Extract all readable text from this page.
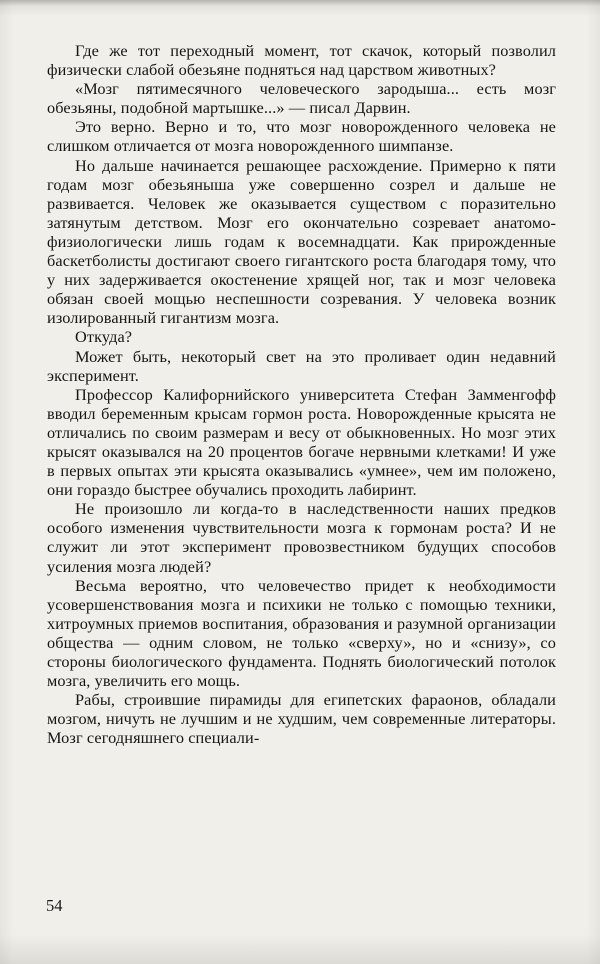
Где же тот переходный момент, тот скачок, который позволил физически слабой обезьяне подняться над царством животных?

«Мозг пятимесячного человеческого зародыша... есть мозг обезьяны, подобной мартышке...» — писал Дарвин.

Это верно. Верно и то, что мозг новорожденного человека не слишком отличается от мозга новорожденного шимпанзе.

Но дальше начинается решающее расхождение. Примерно к пяти годам мозг обезьяныша уже совершенно созрел и дальше не развивается. Человек же оказывается существом с поразительно затянутым детством. Мозг его окончательно созревает анатомо-физиологически лишь годам к восемнадцати. Как прирожденные баскетболисты достигают своего гигантского роста благодаря тому, что у них задерживается окостенение хрящей ног, так и мозг человека обязан своей мощью неспешности созревания. У человека возник изолированный гигантизм мозга.

Откуда?

Может быть, некоторый свет на это проливает один недавний эксперимент.

Профессор Калифорнийского университета Стефан Замменгофф вводил беременным крысам гормон роста. Новорожденные крысята не отличались по своим размерам и весу от обыкновенных. Но мозг этих крысят оказывался на 20 процентов богаче нервными клетками! И уже в первых опытах эти крысята оказывались «умнее», чем им положено, они гораздо быстрее обучались проходить лабиринт.

Не произошло ли когда-то в наследственности наших предков особого изменения чувствительности мозга к гормонам роста? И не служит ли этот эксперимент провозвестником будущих способов усиления мозга людей?

Весьма вероятно, что человечество придет к необходимости усовершенствования мозга и психики не только с помощью техники, хитроумных приемов воспитания, образования и разумной организации общества — одним словом, не только «сверху», но и «снизу», со стороны биологического фундамента. Поднять биологический потолок мозга, увеличить его мощь.

Рабы, строившие пирамиды для египетских фараонов, обладали мозгом, ничуть не лучшим и не худшим, чем современные литераторы. Мозг сегодняшнего специали-

54
